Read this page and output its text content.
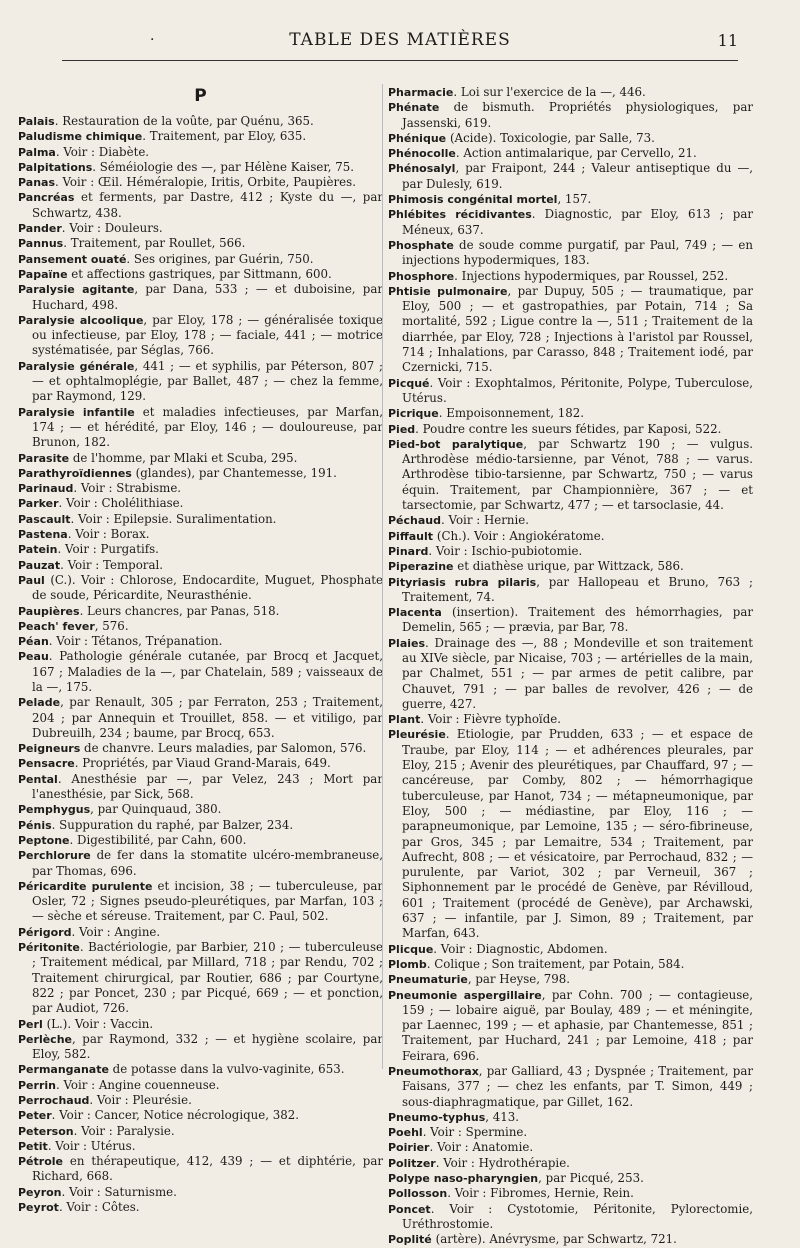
·	TABLE DES MATIÈRES	11
P

Palais. Restauration de la voûte, par Quénu, 365.

Paludisme chimique. Traitement, par Eloy, 635.

Palma. Voir : Diabète.

Palpitations. Séméiologie des —, par Hélène Kaiser, 75.

Panas. Voir : Œil. Héméralopie, Iritis, Orbite, Paupières.

Pancréas et ferments, par Dastre, 412 ; Kyste du —, par Schwartz, 438.

Pander. Voir : Douleurs.

Pannus. Traitement, par Roullet, 566.

Pansement ouaté. Ses origines, par Guérin, 750.

Papaïne et affections gastriques, par Sittmann, 600.

Paralysie agitante, par Dana, 533 ; — et duboisine, par Huchard, 498.

Paralysie alcoolique, par Eloy, 178 ; — généralisée toxique ou infectieuse, par Eloy, 178 ; — faciale, 441 ; — motrice systématisée, par Séglas, 766.

Paralysie générale, 441 ; — et syphilis, par Péterson, 807 ; — et ophtalmoplégie, par Ballet, 487 ; — chez la femme, par Raymond, 129.

Paralysie infantile et maladies infectieuses, par Marfan, 174 ; — et hérédité, par Eloy, 146 ; — douloureuse, par Brunon, 182.

Parasite de l'homme, par Mlaki et Scuba, 295.

Parathyroïdiennes (glandes), par Chantemesse, 191.

Parinaud. Voir : Strabisme.

Parker. Voir : Cholélithiase.

Pascault. Voir : Epilepsie. Suralimentation.

Pastena. Voir : Borax.

Patein. Voir : Purgatifs.

Pauzat. Voir : Temporal.

Paul (C.). Voir : Chlorose, Endocardite, Muguet, Phosphate de soude, Péricardite, Neurasthénie.

Paupières. Leurs chancres, par Panas, 518.

Peach' fever, 576.

Péan. Voir : Tétanos, Trépanation.

Peau. Pathologie générale cutanée, par Brocq et Jacquet, 167 ; Maladies de la —, par Chatelain, 589 ; vaisseaux de la —, 175.

Pelade, par Renault, 305 ; par Ferraton, 253 ; Traitement, 204 ; par Annequin et Trouillet, 858. — et vitiligo, par Dubreuilh, 234 ; baume, par Brocq, 653.

Peigneurs de chanvre. Leurs maladies, par Salomon, 576.

Pensacre. Propriétés, par Viaud Grand-Marais, 649.

Pental. Anesthésie par —, par Velez, 243 ; Mort par l'anesthésie, par Sick, 568.

Pemphygus, par Quinquaud, 380.

Pénis. Suppuration du raphé, par Balzer, 234.

Peptone. Digestibilité, par Cahn, 600.

Perchlorure de fer dans la stomatite ulcéro-membraneuse, par Thomas, 696.

Péricardite purulente et incision, 38 ; — tuberculeuse, par Osler, 72 ; Signes pseudo-pleurétiques, par Marfan, 103 ; — sèche et séreuse. Traitement, par C. Paul, 502.

Périgord. Voir : Angine.

Péritonite. Bactériologie, par Barbier, 210 ; — tuberculeuse ; Traitement médical, par Millard, 718 ; par Rendu, 702 ; Traitement chirurgical, par Routier, 686 ; par Courtyne, 822 ; par Poncet, 230 ; par Picqué, 669 ; — et ponction, par Audiot, 726.

Perl (L.). Voir : Vaccin.

Perlèche, par Raymond, 332 ; — et hygiène scolaire, par Eloy, 582.

Permanganate de potasse dans la vulvo-vaginite, 653.

Perrin. Voir : Angine couenneuse.

Perrochaud. Voir : Pleurésie.

Peter. Voir : Cancer, Notice nécrologique, 382.

Peterson. Voir : Paralysie.

Petit. Voir : Utérus.

Pétrole en thérapeutique, 412, 439 ; — et diphtérie, par Richard, 668.

Peyron. Voir : Saturnisme.

Peyrot. Voir : Côtes.

Pharmacie. Loi sur l'exercice de la —, 446.

Phénate de bismuth. Propriétés physiologiques, par Jassenski, 619.

Phénique (Acide). Toxicologie, par Salle, 73.

Phénocolle. Action antimalarique, par Cervello, 21.

Phénosalyl, par Fraipont, 244 ; Valeur antiseptique du —, par Dulesly, 619.

Phimosis congénital mortel, 157.

Phlébites récidivantes. Diagnostic, par Eloy, 613 ; par Méneux, 637.

Phosphate de soude comme purgatif, par Paul, 749 ; — en injections hypodermiques, 183.

Phosphore. Injections hypodermiques, par Roussel, 252.

Phtisie pulmonaire, par Dupuy, 505 ; — traumatique, par Eloy, 500 ; — et gastropathies, par Potain, 714 ; Sa mortalité, 592 ; Ligue contre la —, 511 ; Traitement de la diarrhée, par Eloy, 728 ; Injections à l'aristol par Roussel, 714 ; Inhalations, par Carasso, 848 ; Traitement iodé, par Czernicki, 715.

Picqué. Voir : Exophtalmos, Péritonite, Polype, Tuberculose, Utérus.

Picrique. Empoisonnement, 182.

Pied. Poudre contre les sueurs fétides, par Kaposi, 522.

Pied-bot paralytique, par Schwartz 190 ; — vulgus. Arthrodèse médio-tarsienne, par Vénot, 788 ; — varus. Arthrodèse tibio-tarsienne, par Schwartz, 750 ; — varus équin. Traitement, par Championnière, 367 ; — et tarsectomie, par Schwartz, 477 ; — et tarsoclasie, 44.

Péchaud. Voir : Hernie.

Piffault (Ch.). Voir : Angiokératome.

Pinard. Voir : Ischio-pubiotomie.

Piperazine et diathèse urique, par Wittzack, 586.

Pityriasis rubra pilaris, par Hallopeau et Bruno, 763 ; Traitement, 74.

Placenta (insertion). Traitement des hémorrhagies, par Demelin, 565 ; — prævia, par Bar, 78.

Plaies. Drainage des —, 88 ; Mondeville et son traitement au XIVe siècle, par Nicaise, 703 ; — artérielles de la main, par Chalmet, 551 ; — par armes de petit calibre, par Chauvet, 791 ; — par balles de revolver, 426 ; — de guerre, 427.

Plant. Voir : Fièvre typhoïde.

Pleurésie. Etiologie, par Prudden, 633 ; — et espace de Traube, par Eloy, 114 ; — et adhérences pleurales, par Eloy, 215 ; Avenir des pleurétiques, par Chauffard, 97 ; — cancéreuse, par Comby, 802 ; — hémorrhagique tuberculeuse, par Hanot, 734 ; — métapneumonique, par Eloy, 500 ; — médiastine, par Eloy, 116 ; — parapneumonique, par Lemoine, 135 ; — séro-fibrineuse, par Gros, 345 ; par Lemaitre, 534 ; Traitement, par Aufrecht, 808 ; — et vésicatoire, par Perrochaud, 832 ; — purulente, par Variot, 302 ; par Verneuil, 367 ; Siphonnement par le procédé de Genève, par Révilloud, 601 ; Traitement (procédé de Genève), par Archawski, 637 ; — infantile, par J. Simon, 89 ; Traitement, par Marfan, 643.

Plicque. Voir : Diagnostic, Abdomen.

Plomb. Colique ; Son traitement, par Potain, 584.

Pneumaturie, par Heyse, 798.

Pneumonie aspergillaire, par Cohn. 700 ; — contagieuse, 159 ; — lobaire aiguë, par Boulay, 489 ; — et méningite, par Laennec, 199 ; — et aphasie, par Chantemesse, 851 ; Traitement, par Huchard, 241 ; par Lemoine, 418 ; par Feirara, 696.

Pneumothorax, par Galliard, 43 ; Dyspnée ; Traitement, par Faisans, 377 ; — chez les enfants, par T. Simon, 449 ; sous-diaphragmatique, par Gillet, 162.

Pneumo-typhus, 413.

Poehl. Voir : Spermine.

Poirier. Voir : Anatomie.

Politzer. Voir : Hydrothérapie.

Polype naso-pharyngien, par Picqué, 253.

Pollosson. Voir : Fibromes, Hernie, Rein.

Poncet. Voir : Cystotomie, Péritonite, Pylorectomie, Uréthrostomie.

Poplité (artère). Anévrysme, par Schwartz, 721.
